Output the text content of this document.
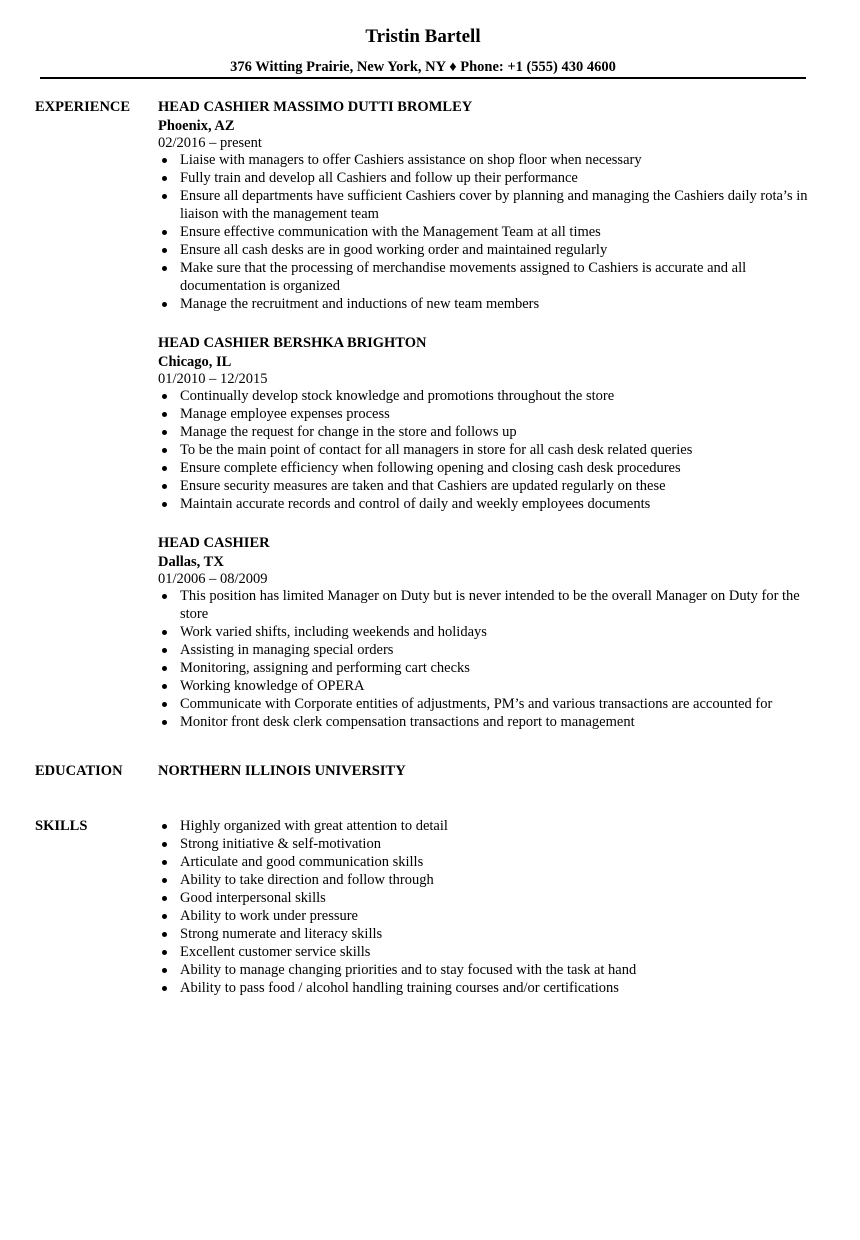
Tristin Bartell
376 Witting Prairie, New York, NY ♦ Phone: +1 (555) 430 4600
EXPERIENCE HEAD CASHIER MASSIMO DUTTI BROMLEY
Phoenix, AZ
02/2016 – present
Liaise with managers to offer Cashiers assistance on shop floor when necessary
Fully train and develop all Cashiers and follow up their performance
Ensure all departments have sufficient Cashiers cover by planning and managing the Cashiers daily rota’s in liaison with the management team
Ensure effective communication with the Management Team at all times
Ensure all cash desks are in good working order and maintained regularly
Make sure that the processing of merchandise movements assigned to Cashiers is accurate and all documentation is organized
Manage the recruitment and inductions of new team members
HEAD CASHIER BERSHKA BRIGHTON
Chicago, IL
01/2010 – 12/2015
Continually develop stock knowledge and promotions throughout the store
Manage employee expenses process
Manage the request for change in the store and follows up
To be the main point of contact for all managers in store for all cash desk related queries
Ensure complete efficiency when following opening and closing cash desk procedures
Ensure security measures are taken and that Cashiers are updated regularly on these
Maintain accurate records and control of daily and weekly employees documents
HEAD CASHIER
Dallas, TX
01/2006 – 08/2009
This position has limited Manager on Duty but is never intended to be the overall Manager on Duty for the store
Work varied shifts, including weekends and holidays
Assisting in managing special orders
Monitoring, assigning and performing cart checks
Working knowledge of OPERA
Communicate with Corporate entities of adjustments, PM’s and various transactions are accounted for
Monitor front desk clerk compensation transactions and report to management
EDUCATION NORTHERN ILLINOIS UNIVERSITY
SKILLS	Highly organized with great attention to detail
Strong initiative & self-motivation
Articulate and good communication skills
Ability to take direction and follow through
Good interpersonal skills
Ability to work under pressure
Strong numerate and literacy skills
Excellent customer service skills
Ability to manage changing priorities and to stay focused with the task at hand
Ability to pass food / alcohol handling training courses and/or certifications
